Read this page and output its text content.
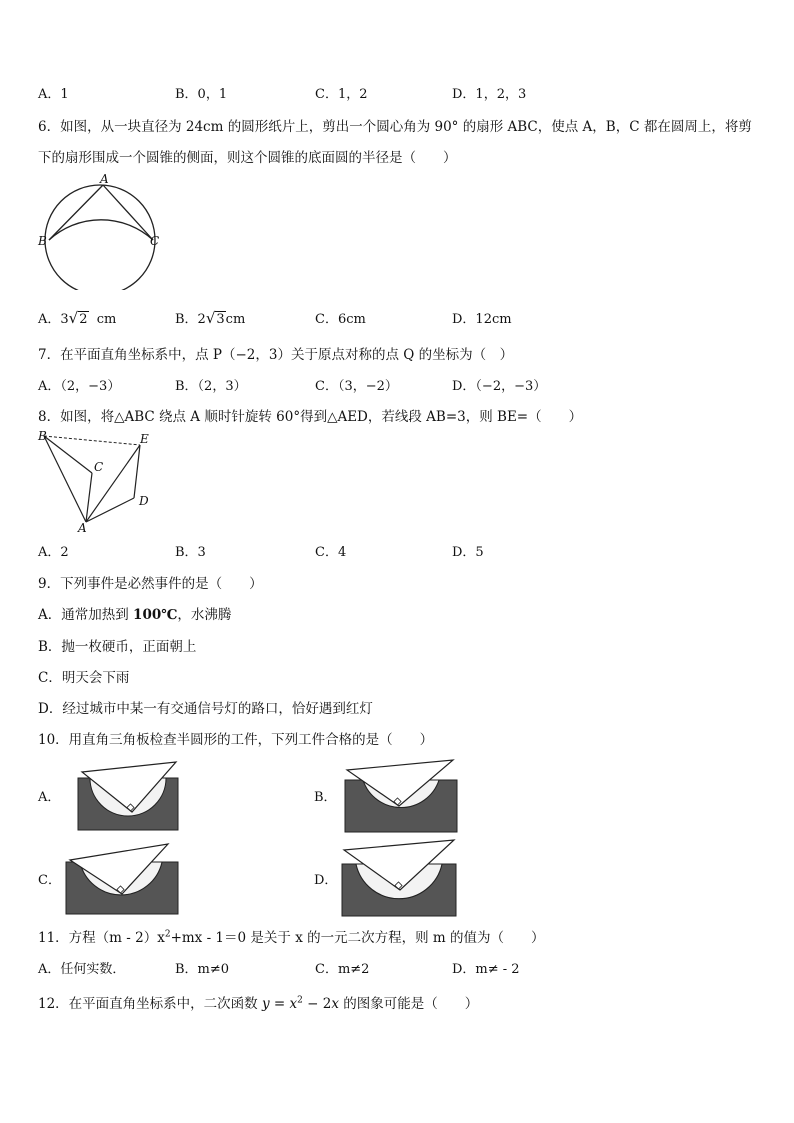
A．1	B．0，1	C．1，2	D．1，2，3
6．如图，从一块直径为 24cm 的圆形纸片上，剪出一个圆心角为 90° 的扇形 ABC，使点 A，B，C 都在圆周上，将剪
下的扇形围成一个圆锥的侧面，则这个圆锥的底面圆的半径是（　　）
A
B	C
A．3√2 cm	B．2√3cm	C．6cm	D．12cm
7．在平面直角坐标系中，点 P（−2，3）关于原点对称的点 Q 的坐标为（　）
A．（2，−3）	B．（2，3）	C．（3，−2）	D．（−2，−3）
8．如图，将△ABC 绕点 A 顺时针旋转 60°得到△AED，若线段 AB=3，则 BE=（　　）
B	E
C
D
A
A．2	B．3	C．4	D．5
9．下列事件是必然事件的是（　　）
A．通常加热到 100℃，水沸腾
B．抛一枚硬币，正面朝上
C．明天会下雨
D．经过城市中某一有交通信号灯的路口，恰好遇到红灯
10．用直角三角板检查半圆形的工件，下列工件合格的是（　　）
A．	B．
C．	D．
11．方程$(m - 2)x^2+mx - 1=0$ 是关于 x 的一元二次方程，则 m 的值为（　　）
A．任何实数．	B．m≠0	C．m≠2	D．m≠ - 2
12．在平面直角坐标系中，二次函数 $y = x^2 - 2x$ 的图象可能是（　　）
